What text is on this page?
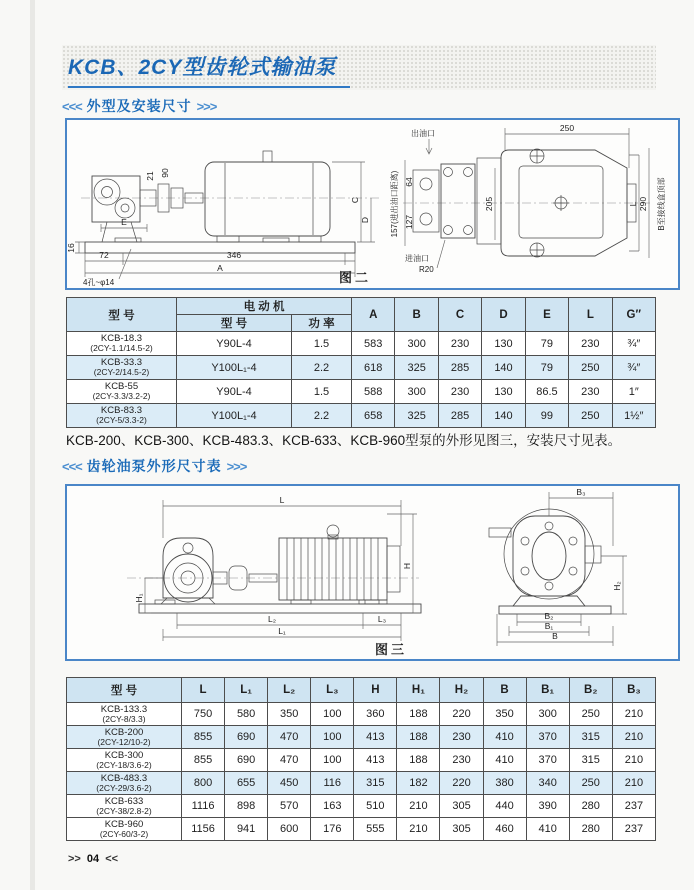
KCB、2CY型齿轮式输油泵
<<< 外型及安装尺寸 >>>
E
16
72	346
A
4孔~φ14
C
D
21 90
出油口
进油口
R20
250
205	L 290 B至接线盒顶部
157(进出油口距离) 64
127
图二
型 号	电 动 机		A	B	C	D	E	L	G″
	型 号	功 率							

KCB-18.3
(2CY-1.1/14.5-2)	Y90L-4	1.5	583	300	230	130	79	230	¾″

KCB-33.3
(2CY-2/14.5-2)	Y100L₁-4	2.2	618	325	285	140	79	250	¾″

KCB-55
(2CY-3.3/3.2-2)	Y90L-4	1.5	588	300	230	130	86.5	230	1″

KCB-83.3
(2CY-5/3.3-2)	Y100L₁-4	2.2	658	325	285	140	99	250	1½″
KCB-200、KCB-300、KCB-483.3、KCB-633、KCB-960型泵的外形见图三，安装尺寸见表。
<<< 齿轮油泵外形尺寸表 >>>
L
H
H₁
L₂	L₃
L₁
B₃
H₂
B₂
B₁
B
图三
型 号	L	L₁	L₂	L₃	H	H₁	H₂	B	B₁	B₂	B₃

KCB-133.3
(2CY-8/3.3)	750	580	350	100	360	188	220	350	300	250	210

KCB-200
(2CY-12/10-2)	855	690	470	100	413	188	230	410	370	315	210

KCB-300
(2CY-18/3.6-2)	855	690	470	100	413	188	230	410	370	315	210

KCB-483.3
(2CY-29/3.6-2)	800	655	450	116	315	182	220	380	340	250	210

KCB-633
(2CY-38/2.8-2)	1116	898	570	163	510	210	305	440	390	280	237

KCB-960
(2CY-60/3-2)	1156	941	600	176	555	210	305	460	410	280	237
>> 04 <<
